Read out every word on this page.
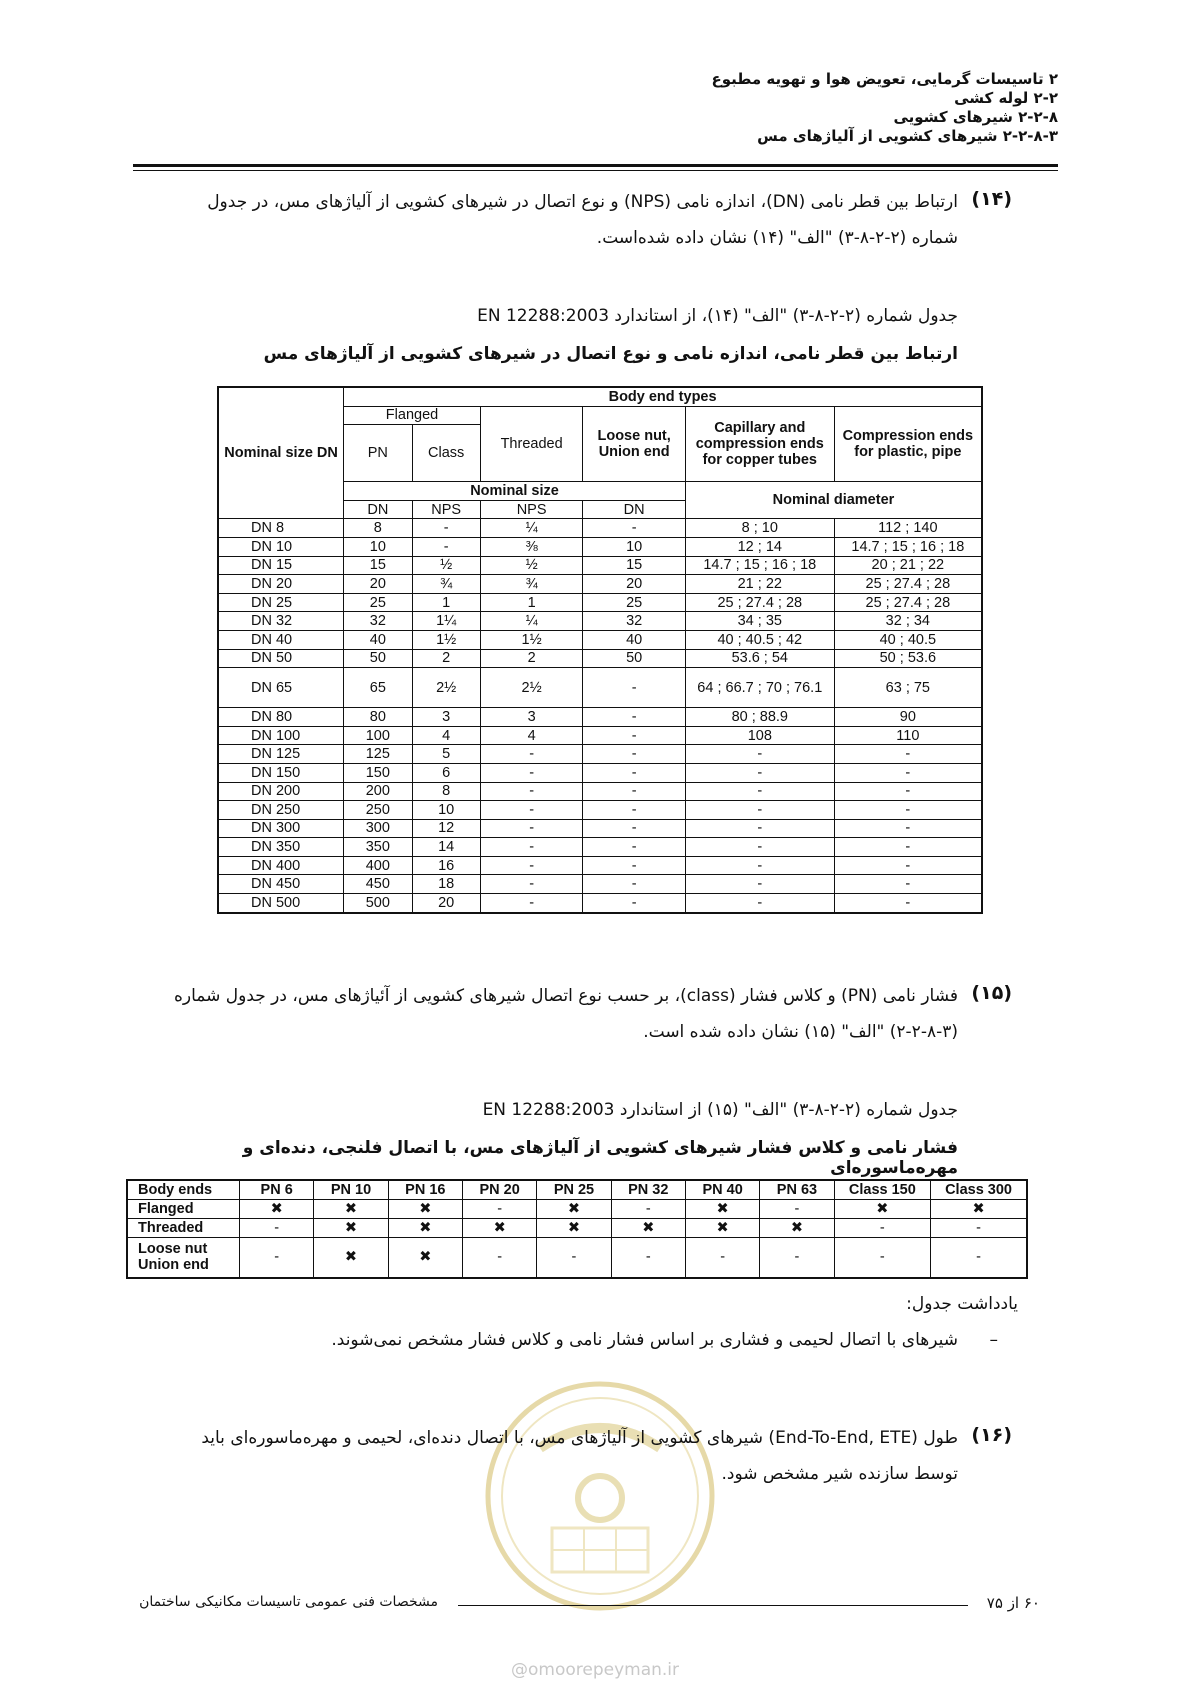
۲ تاسیسات گرمایی، تعویض هوا و تهویه مطبوع
۲-۲ لوله کشی
۲-۲-۸ شیرهای کشویی
۲-۲-۸-۳ شیرهای کشویی از آلیاژهای مس
(۱۴)
ارتباط بین قطر نامی (DN)، اندازه نامی (NPS) و نوع اتصال در شیرهای کشویی از آلیاژهای مس، در جدول
شماره (۲-۲-۸-۳) "الف" (۱۴) نشان داده شده‌است.
جدول شماره (۲-۲-۸-۳) "الف" (۱۴)، از استاندارد EN 12288:2003
ارتباط بین قطر نامی، اندازه نامی و نوع اتصال در شیرهای کشویی از آلیاژهای مس
Nominal size DN	Body end types					
	Flanged		Threaded	Loose nut, Union end	Capillary and compression ends for copper tubes	Compression ends for plastic, pipe
	PN	Class				
	Nominal size				Nominal diameter	
	DN	NPS	NPS	DN		
DN 8	8	-	¼	-	8 ; 10	112 ; 140
DN 10	10	-	⅜	10	12 ; 14	14.7 ; 15 ; 16 ; 18
DN 15	15	½	½	15	14.7 ; 15 ; 16 ; 18	20 ; 21 ; 22
DN 20	20	¾	¾	20	21 ; 22	25 ; 27.4 ; 28
DN 25	25	1	1	25	25 ; 27.4 ; 28	25 ; 27.4 ; 28
DN 32	32	1¼	¼	32	34 ; 35	32 ; 34
DN 40	40	1½	1½	40	40 ; 40.5 ; 42	40 ; 40.5
DN 50	50	2	2	50	53.6 ; 54	50 ; 53.6
DN 65	65	2½	2½	-	64 ; 66.7 ; 70 ; 76.1	63 ; 75
DN 80	80	3	3	-	80 ; 88.9	90
DN 100	100	4	4	-	108	110
DN 125	125	5	-	-	-	-
DN 150	150	6	-	-	-	-
DN 200	200	8	-	-	-	-
DN 250	250	10	-	-	-	-
DN 300	300	12	-	-	-	-
DN 350	350	14	-	-	-	-
DN 400	400	16	-	-	-	-
DN 450	450	18	-	-	-	-
DN 500	500	20	-	-	-	-
(۱۵)
فشار نامی (PN) و کلاس فشار (class)، بر حسب نوع اتصال شیرهای کشویی از آ‌ئیاژهای مس، در جدول شماره
(۲-۲-۸-۳) "الف" (۱۵) نشان داده شده است.
جدول شماره (۲-۲-۸-۳) "الف" (۱۵) از استاندارد EN 12288:2003
فشار نامی و کلاس فشار شیرهای کشویی از آلیاژهای مس، با اتصال فلنجی، دنده‌ای و مهره‌ماسوره‌ای
Body ends	PN 6	PN 10	PN 16	PN 20	PN 25	PN 32	PN 40	PN 63	Class 150	Class 300
Flanged	✖	✖	✖	-	✖	-	✖	-	✖	✖
Threaded	-	✖	✖	✖	✖	✖	✖	✖	-	-
Loose nut Union end	-	✖	✖	-	-	-	-	-	-	-
یادداشت جدول:
–
شیرهای با اتصال لحیمی و فشاری بر اساس فشار نامی و کلاس فشار مشخص نمی‌شوند.
(۱۶)
طول (End-To-End, ETE) شیرهای کشویی از آلیاژهای مس، با اتصال دنده‌ای، لحیمی و مهره‌ماسوره‌ای باید
توسط سازنده شیر مشخص شود.
۶۰ از ۷۵
مشخصات فنی عمومی تاسیسات مکانیکی ساختمان
@omoorepeyman.ir
